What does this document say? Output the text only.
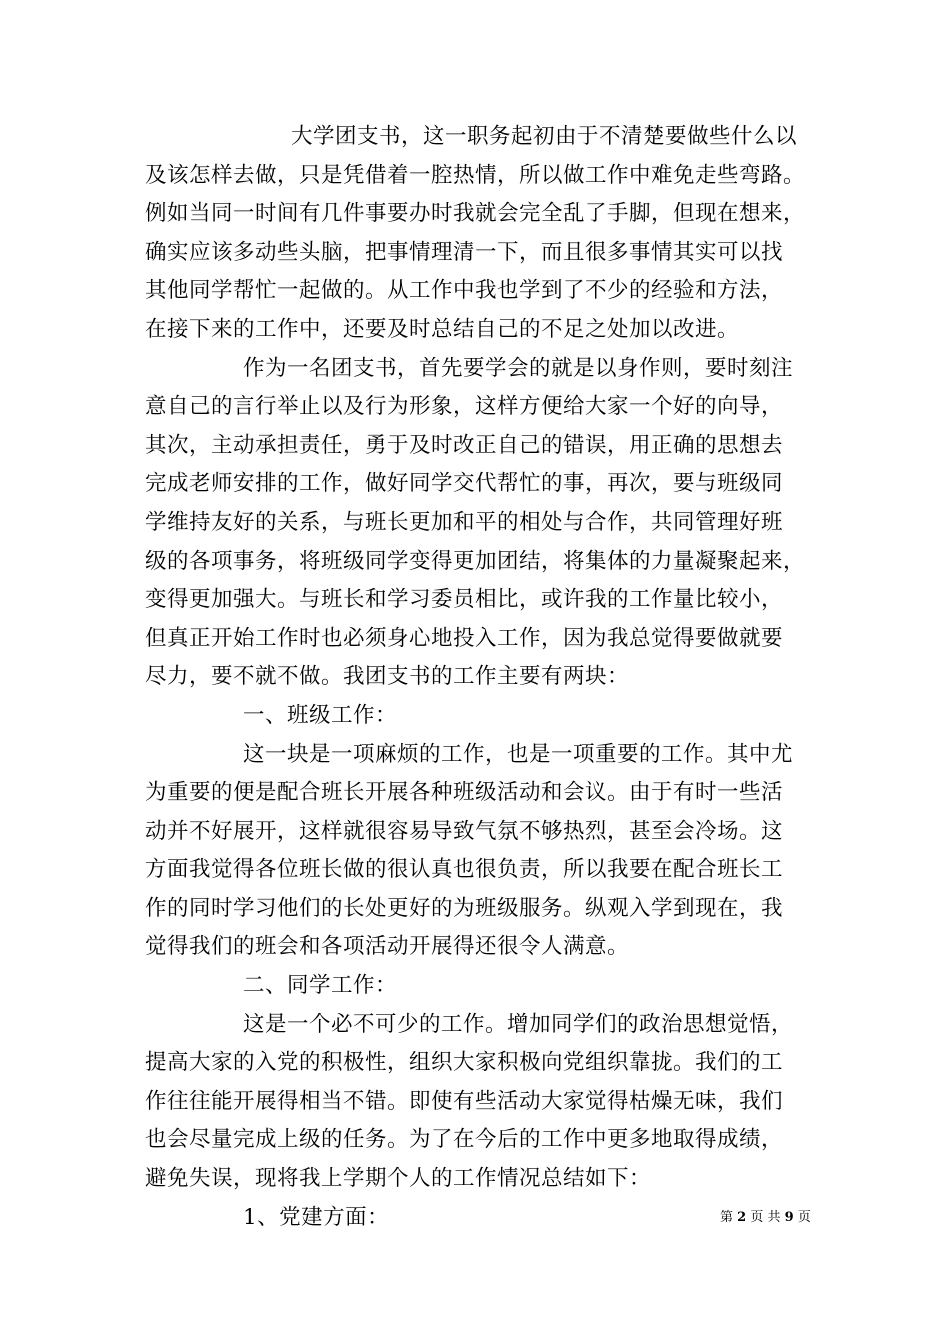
大学团支书，这一职务起初由于不清楚要做些什么以
及该怎样去做，只是凭借着一腔热情，所以做工作中难免走些弯路。
例如当同一时间有几件事要办时我就会完全乱了手脚，但现在想来，
确实应该多动些头脑，把事情理清一下，而且很多事情其实可以找
其他同学帮忙一起做的。从工作中我也学到了不少的经验和方法，
在接下来的工作中，还要及时总结自己的不足之处加以改进。
作为一名团支书，首先要学会的就是以身作则，要时刻注
意自己的言行举止以及行为形象，这样方便给大家一个好的向导，
其次，主动承担责任，勇于及时改正自己的错误，用正确的思想去
完成老师安排的工作，做好同学交代帮忙的事，再次，要与班级同
学维持友好的关系，与班长更加和平的相处与合作，共同管理好班
级的各项事务，将班级同学变得更加团结，将集体的力量凝聚起来，
变得更加强大。与班长和学习委员相比，或许我的工作量比较小，
但真正开始工作时也必须身心地投入工作，因为我总觉得要做就要
尽力，要不就不做。我团支书的工作主要有两块：
一、班级工作：
这一块是一项麻烦的工作，也是一项重要的工作。其中尤
为重要的便是配合班长开展各种班级活动和会议。由于有时一些活
动并不好展开，这样就很容易导致气氛不够热烈，甚至会冷场。这
方面我觉得各位班长做的很认真也很负责，所以我要在配合班长工
作的同时学习他们的长处更好的为班级服务。纵观入学到现在，我
觉得我们的班会和各项活动开展得还很令人满意。
二、同学工作：
这是一个必不可少的工作。增加同学们的政治思想觉悟，
提高大家的入党的积极性，组织大家积极向党组织靠拢。我们的工
作往往能开展得相当不错。即使有些活动大家觉得枯燥无味，我们
也会尽量完成上级的任务。为了在今后的工作中更多地取得成绩，
避免失误，现将我上学期个人的工作情况总结如下：
1、党建方面：	第 2 页 共 9 页
